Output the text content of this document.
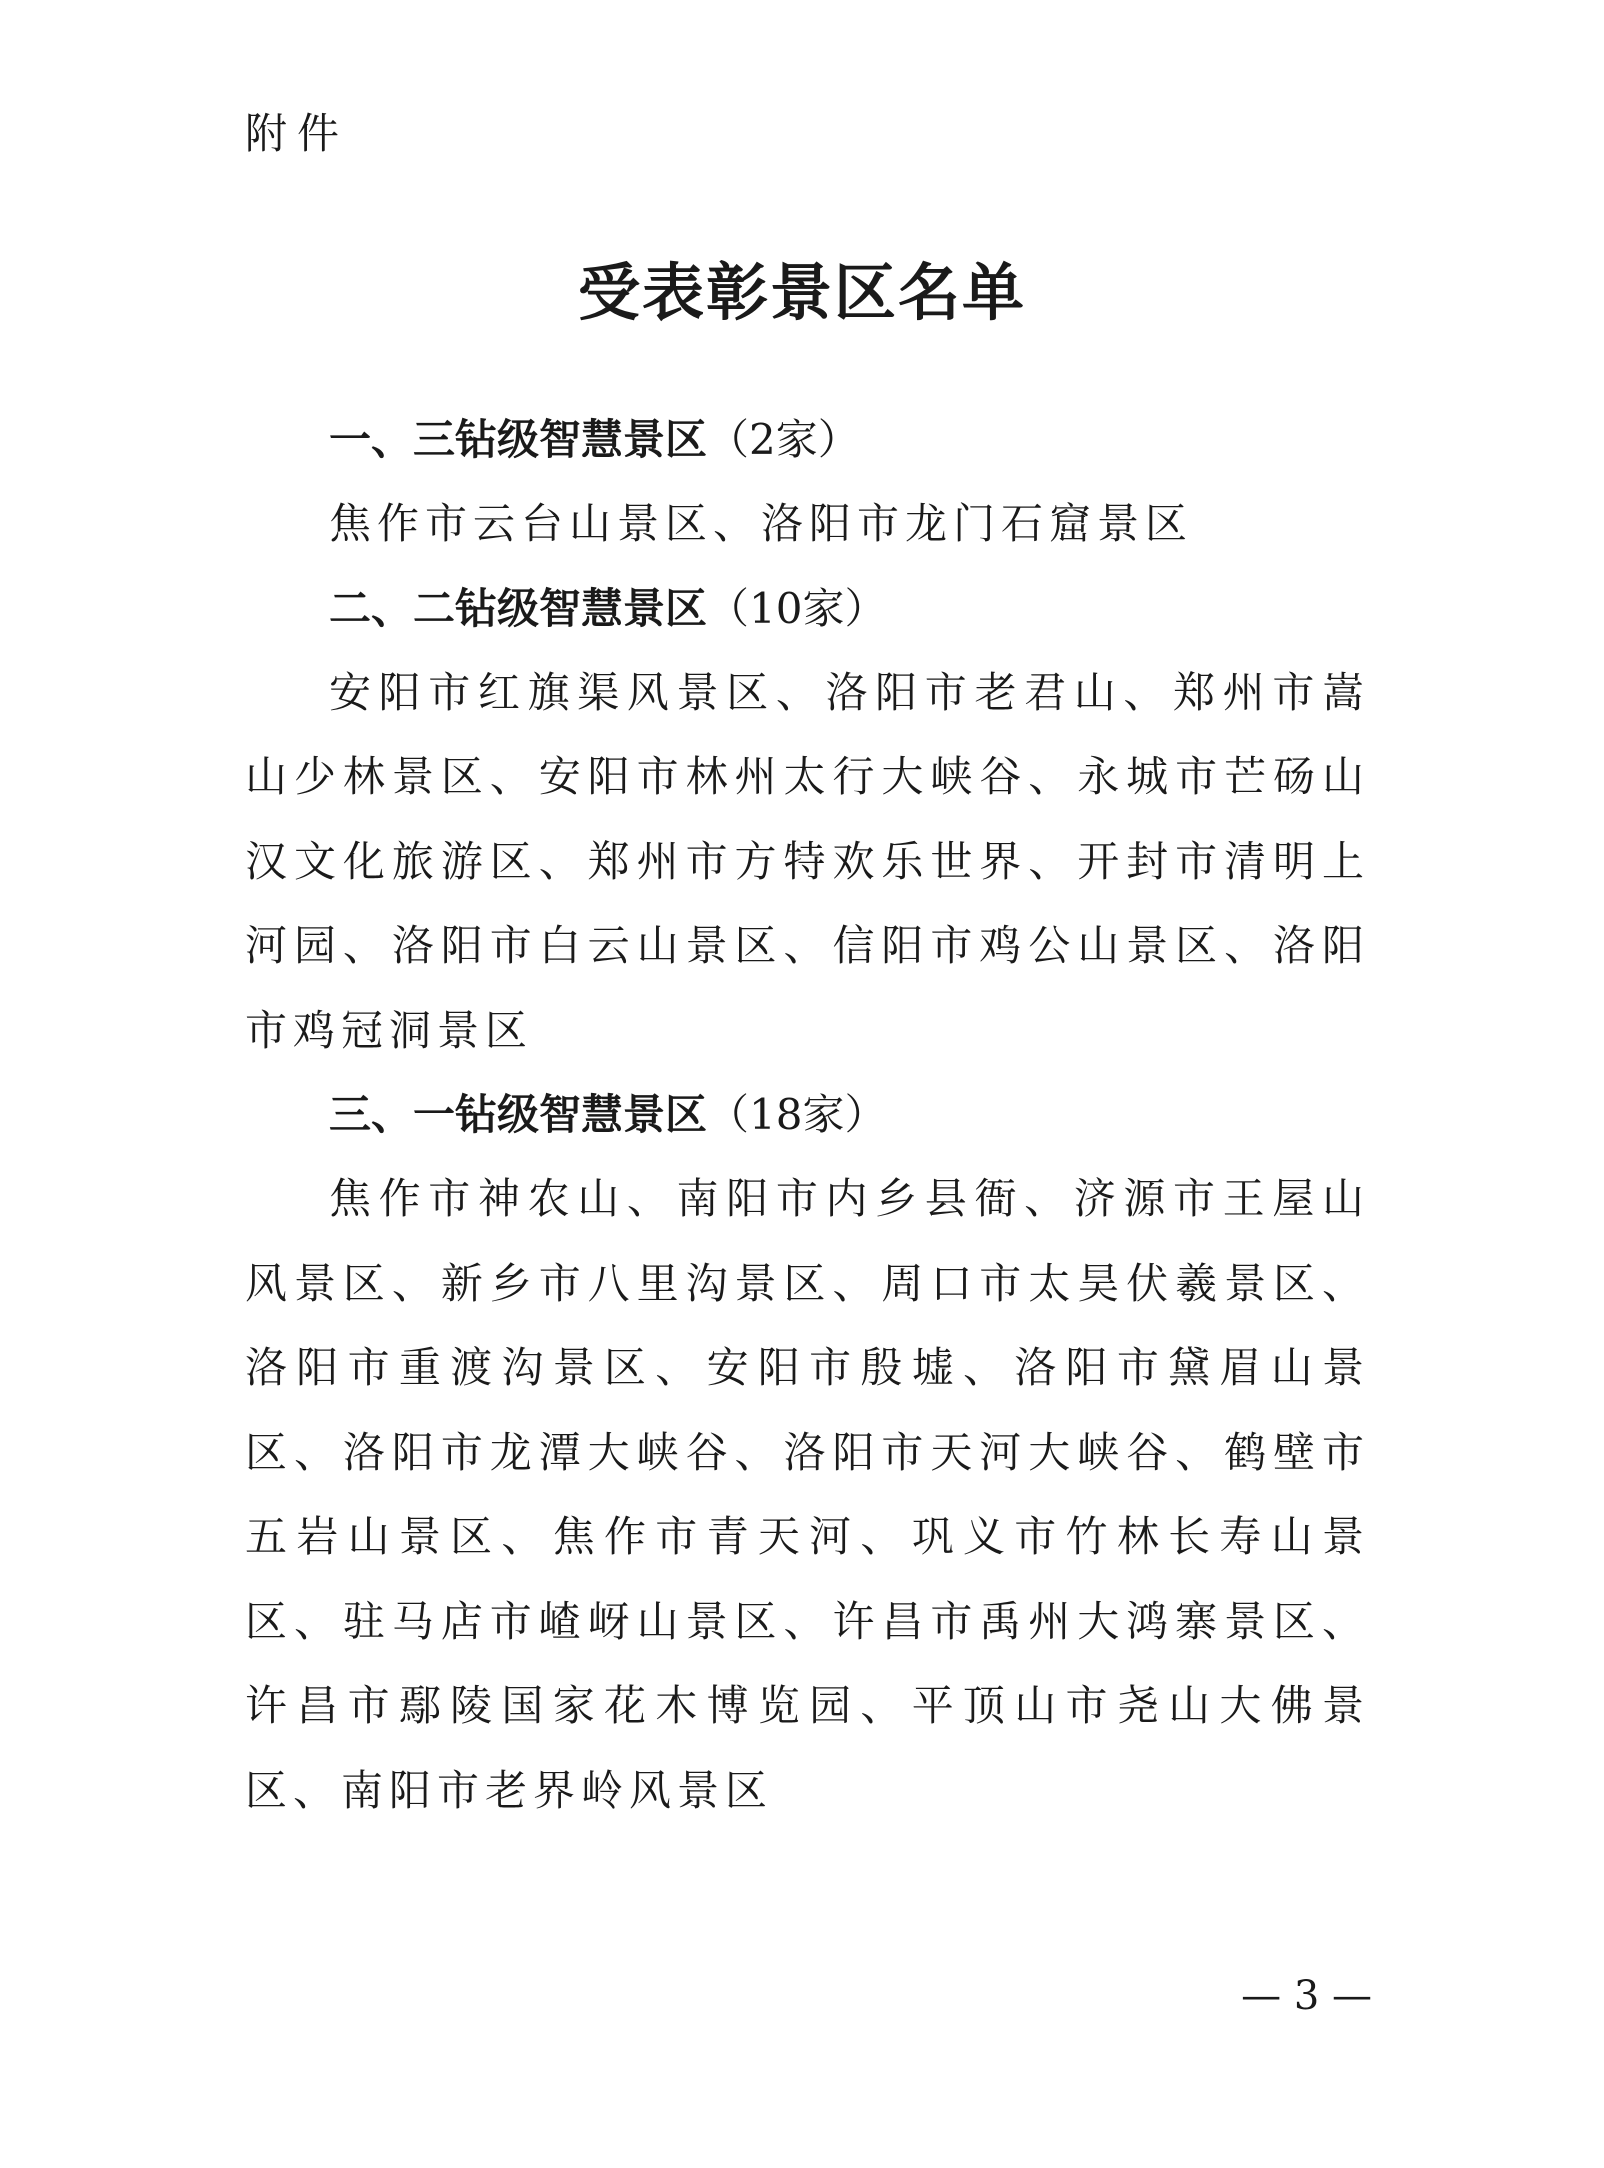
附件
受表彰景区名单
一、三钻级智慧景区（2家）

焦作市云台山景区、洛阳市龙门石窟景区

二、二钻级智慧景区（10家）

安阳市红旗渠风景区、洛阳市老君山、郑州市嵩山少林景区、安阳市林州太行大峡谷、永城市芒砀山汉文化旅游区、郑州市方特欢乐世界、开封市清明上河园、洛阳市白云山景区、信阳市鸡公山景区、洛阳市鸡冠洞景区

三、一钻级智慧景区（18家）

焦作市神农山、南阳市内乡县衙、济源市王屋山风景区、新乡市八里沟景区、周口市太昊伏羲景区、洛阳市重渡沟景区、安阳市殷墟、洛阳市黛眉山景区、洛阳市龙潭大峡谷、洛阳市天河大峡谷、鹤壁市五岩山景区、焦作市青天河、巩义市竹林长寿山景区、驻马店市嵖岈山景区、许昌市禹州大鸿寨景区、许昌市鄢陵国家花木博览园、平顶山市尧山大佛景区、南阳市老界岭风景区

— 3 —
